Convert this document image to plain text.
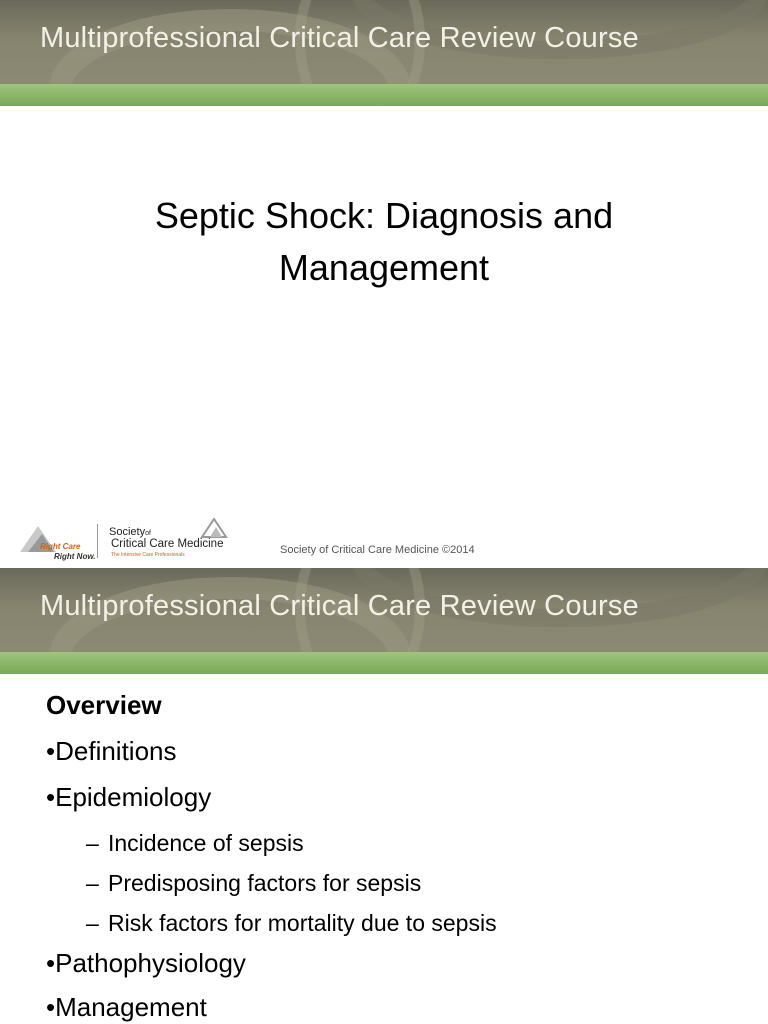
Multiprofessional Critical Care Review Course
Septic Shock: Diagnosis and
Management
Right Care
Right Now.
Societyof
Critical Care Medicine
The Intensive Care Professionals	Society of Critical Care Medicine ©2014
Multiprofessional Critical Care Review Course
Overview
•Definitions
•Epidemiology
– Incidence of sepsis
– Predisposing factors for sepsis
– Risk factors for mortality due to sepsis
•Pathophysiology
•Management
